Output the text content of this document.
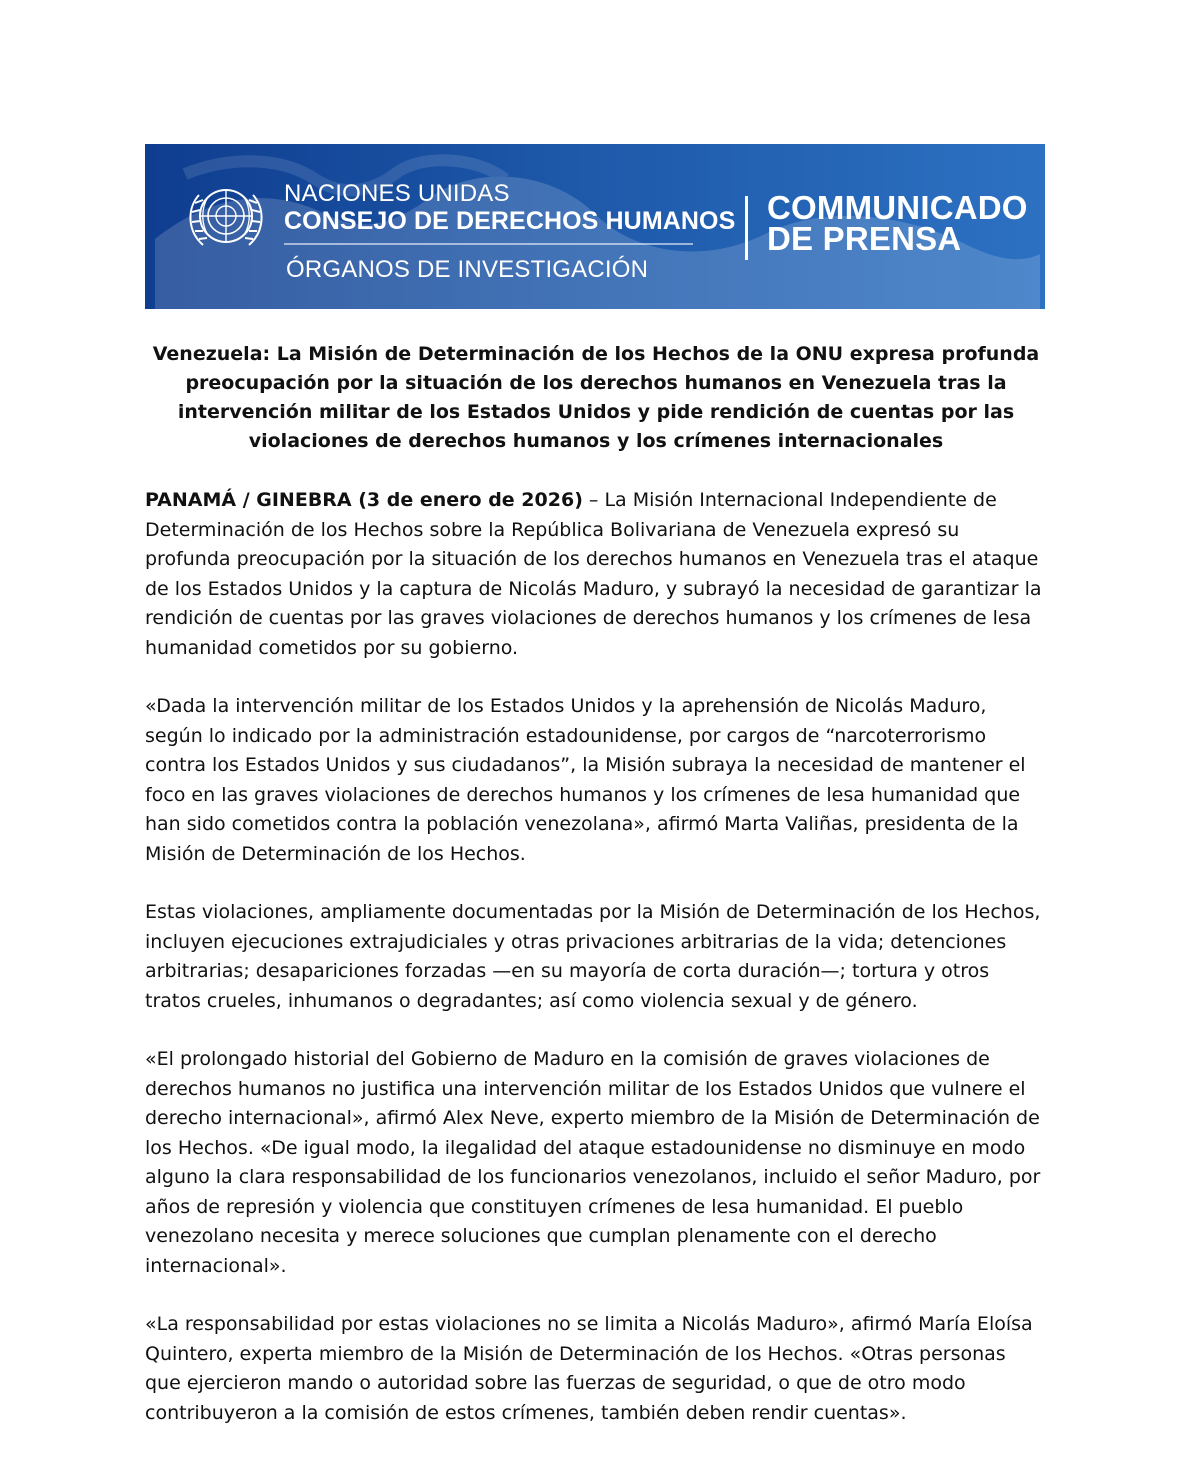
NACIONES UNIDAS

CONSEJO DE DERECHOS HUMANOS

ÓRGANOS DE INVESTIGACIÓN

COMMUNICADO
DE PRENSA
Venezuela: La Misión de Determinación de los Hechos de la ONU expresa profunda preocupación por la situación de los derechos humanos en Venezuela tras la intervención militar de los Estados Unidos y pide rendición de cuentas por las violaciones de derechos humanos y los crímenes internacionales

PANAMÁ / GINEBRA (3 de enero de 2026) – La Misión Internacional Independiente de Determinación de los Hechos sobre la República Bolivariana de Venezuela expresó su profunda preocupación por la situación de los derechos humanos en Venezuela tras el ataque de los Estados Unidos y la captura de Nicolás Maduro, y subrayó la necesidad de garantizar la rendición de cuentas por las graves violaciones de derechos humanos y los crímenes de lesa humanidad cometidos por su gobierno.

«Dada la intervención militar de los Estados Unidos y la aprehensión de Nicolás Maduro, según lo indicado por la administración estadounidense, por cargos de “narcoterrorismo contra los Estados Unidos y sus ciudadanos”, la Misión subraya la necesidad de mantener el foco en las graves violaciones de derechos humanos y los crímenes de lesa humanidad que han sido cometidos contra la población venezolana», afirmó Marta Valiñas, presidenta de la Misión de Determinación de los Hechos.

Estas violaciones, ampliamente documentadas por la Misión de Determinación de los Hechos, incluyen ejecuciones extrajudiciales y otras privaciones arbitrarias de la vida; detenciones arbitrarias; desapariciones forzadas —en su mayoría de corta duración—; tortura y otros tratos crueles, inhumanos o degradantes; así como violencia sexual y de género.

«El prolongado historial del Gobierno de Maduro en la comisión de graves violaciones de derechos humanos no justifica una intervención militar de los Estados Unidos que vulnere el derecho internacional», afirmó Alex Neve, experto miembro de la Misión de Determinación de los Hechos. «De igual modo, la ilegalidad del ataque estadounidense no disminuye en modo alguno la clara responsabilidad de los funcionarios venezolanos, incluido el señor Maduro, por años de represión y violencia que constituyen crímenes de lesa humanidad. El pueblo venezolano necesita y merece soluciones que cumplan plenamente con el derecho internacional».

«La responsabilidad por estas violaciones no se limita a Nicolás Maduro», afirmó María Eloísa Quintero, experta miembro de la Misión de Determinación de los Hechos. «Otras personas que ejercieron mando o autoridad sobre las fuerzas de seguridad, o que de otro modo contribuyeron a la comisión de estos crímenes, también deben rendir cuentas».
